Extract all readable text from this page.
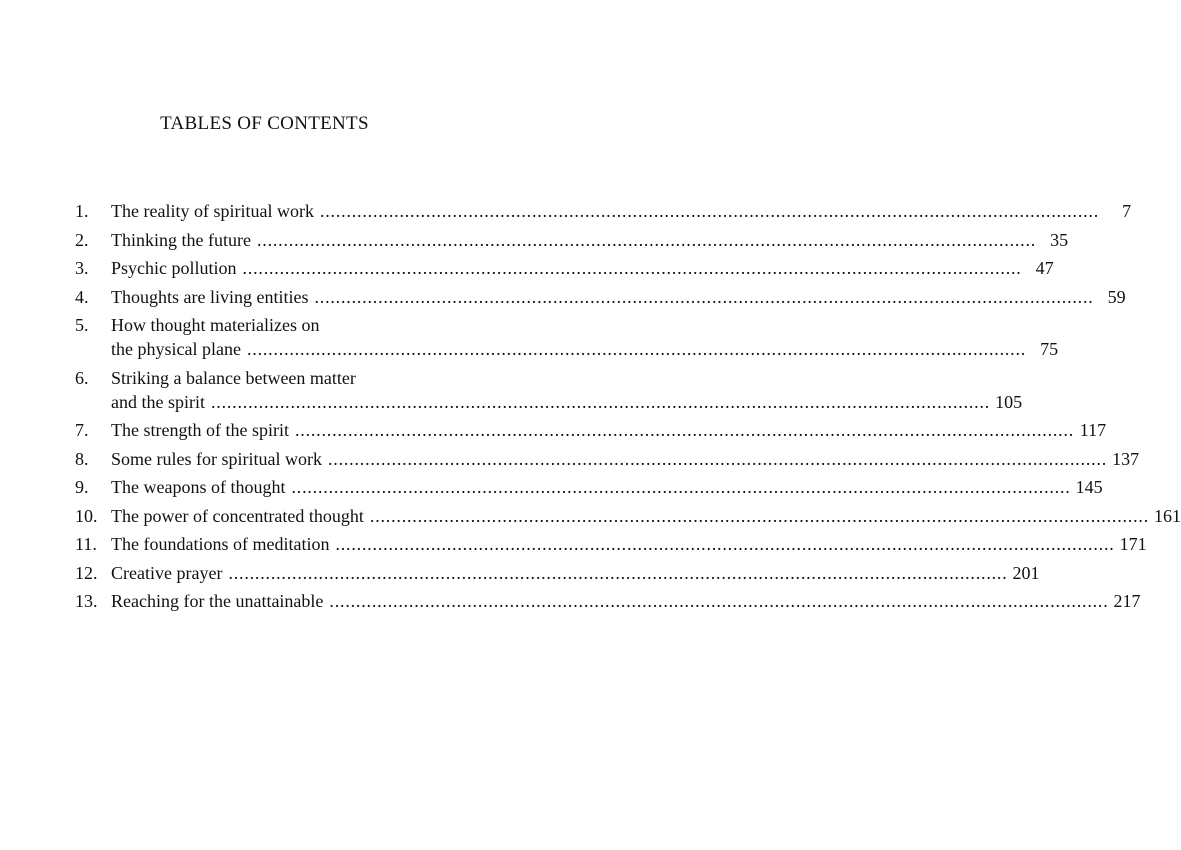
TABLES OF CONTENTS
1.	The reality of spiritual work .....	7
2.	Thinking the future .....	35
3.	Psychic pollution .....	47
4.	Thoughts are living entities .....	59
5.	How thought materializes on
the physical plane .....	75
6.	Striking a balance between matter
and the spirit .....	105
7.	The strength of the spirit .....	117
8.	Some rules for spiritual work .....	137
9.	The weapons of thought .....	145
10. The power of concentrated thought .....	161
11. The foundations of meditation .....	171
12. Creative prayer .....	201
13. Reaching for the unattainable .....	217
